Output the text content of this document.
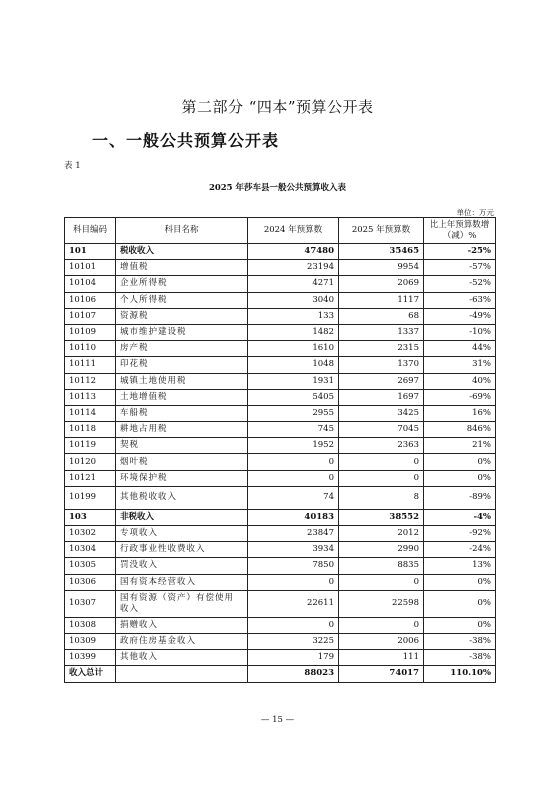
第二部分 “四本”预算公开表
一、一般公共预算公开表
表 1
2025 年莎车县一般公共预算收入表
单位：万元
科目编码	科目名称	2024 年预算数	2025 年预算数	比上年预算数增（减）%
101	税收收入	47480	35465	-25%
10101	增值税	23194	9954	-57%
10104	企业所得税	4271	2069	-52%
10106	个人所得税	3040	1117	-63%
10107	资源税	133	68	-49%
10109	城市维护建设税	1482	1337	-10%
10110	房产税	1610	2315	44%
10111	印花税	1048	1370	31%
10112	城镇土地使用税	1931	2697	40%
10113	土地增值税	5405	1697	-69%
10114	车船税	2955	3425	16%
10118	耕地占用税	745	7045	846%
10119	契税	1952	2363	21%
10120	烟叶税	0	0	0%
10121	环境保护税	0	0	0%
10199	其他税收收入	74	8	-89%
103	非税收入	40183	38552	-4%
10302	专项收入	23847	2012	-92%
10304	行政事业性收费收入	3934	2990	-24%
10305	罚没收入	7850	8835	13%
10306	国有资本经营收入	0	0	0%
10307	国有资源（资产）有偿使用收入	22611	22598	0%
10308	捐赠收入	0	0	0%
10309	政府住房基金收入	3225	2006	-38%
10399	其他收入	179	111	-38%
收入总计		88023	74017	110.10%
— 15 —
